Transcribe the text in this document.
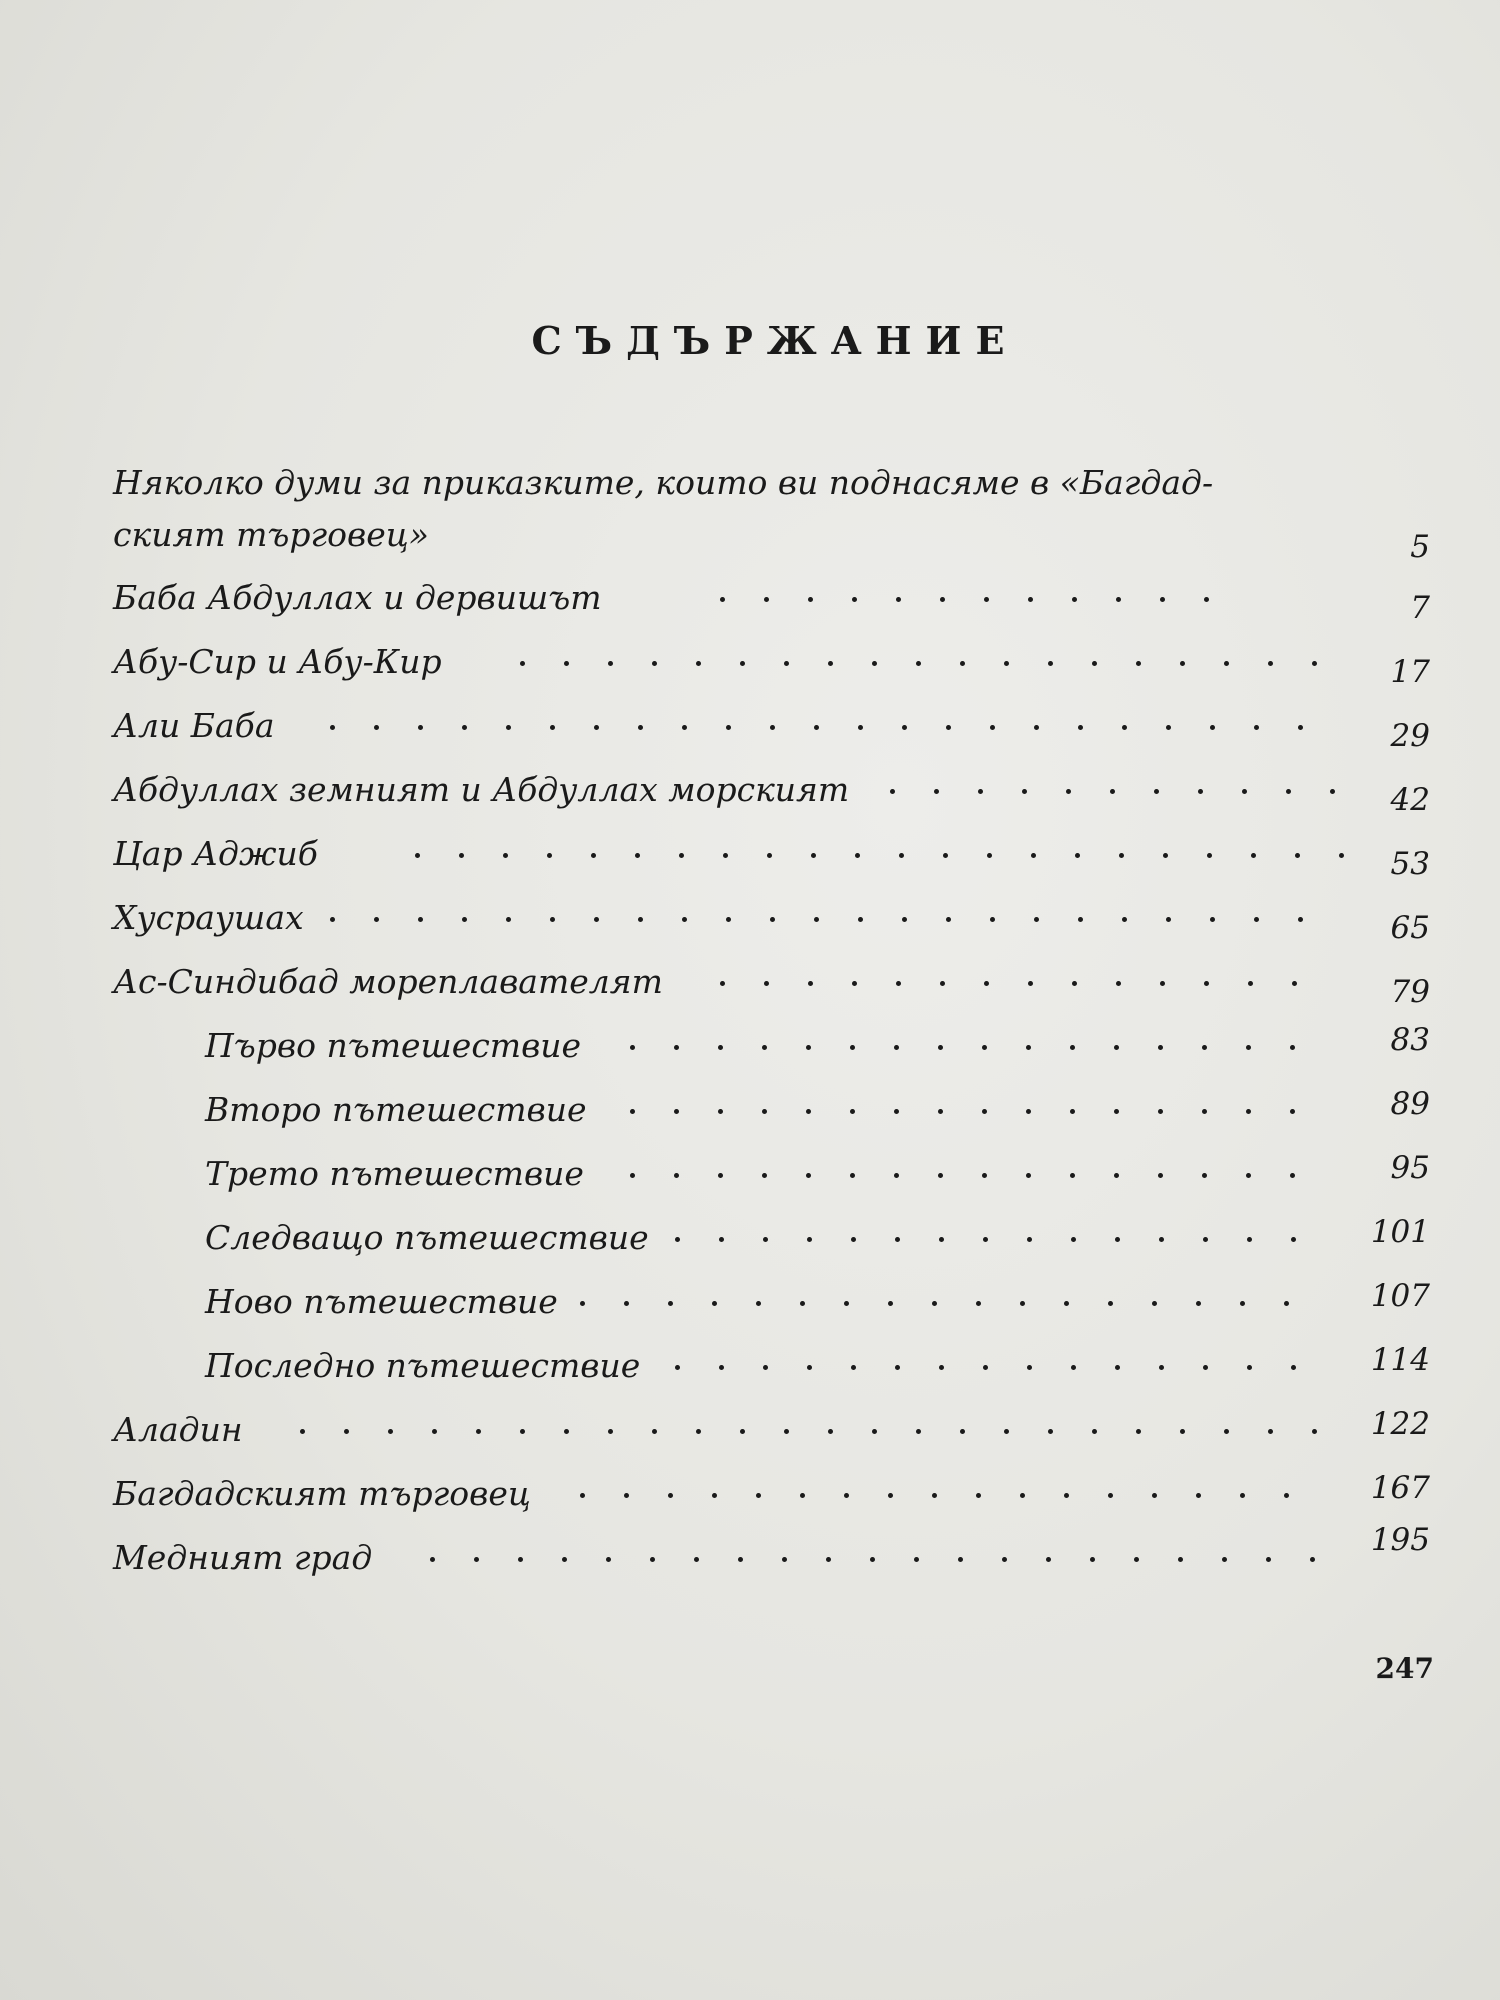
СЪДЪРЖАНИЕ
Няколко думи за приказките, които ви поднасяме в «Багдад-
ският търговец»	5
Баба Абдуллах и дервишът	7
Абу-Сир и Абу-Кир	17
Али Баба	29
Абдуллах земният и Абдуллах морският	42
Цар Аджиб	53
Хусраушах	65
Ас-Синдибад мореплавателят	79
Първо пътешествие	83
Второ пътешествие	89
Трето пътешествие	95
Следващо пътешествие	101
Ново пътешествие	107
Последно пътешествие	114
Аладин	122
Багдадският търговец	167
Медният град	195
247
